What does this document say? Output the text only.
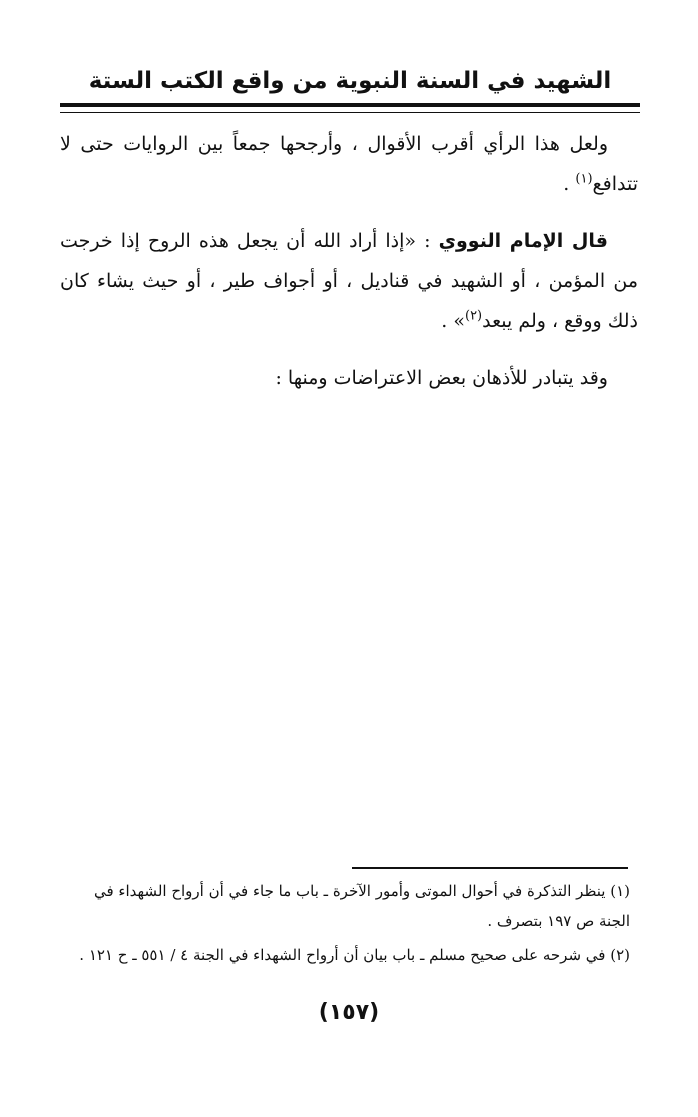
الشهيد في السنة النبوية من واقع الكتب الستة

ولعل هذا الرأي أقرب الأقوال ، وأرجحها جمعاً بين الروايات حتى لا تتدافع$^{(١)}$ .

قال الإمام النووي : «إذا أراد الله أن يجعل هذه الروح إذا خرجت من المؤمن ، أو الشهيد في قناديل ، أو أجواف طير ، أو حيث يشاء كان ذلك ووقع ، ولم يبعد$^{(٢)}$» .

وقد يتبادر للأذهان بعض الاعتراضات ومنها :

(١) ينظر التذكرة في أحوال الموتى وأمور الآخرة ـ باب ما جاء في أن أرواح الشهداء في الجنة ص ١٩٧ بتصرف .

(٢) في شرحه على صحيح مسلم ـ باب بيان أن أرواح الشهداء في الجنة ٤ / ٥٥١ ـ ح ١٢١ .

(١٥٧)
